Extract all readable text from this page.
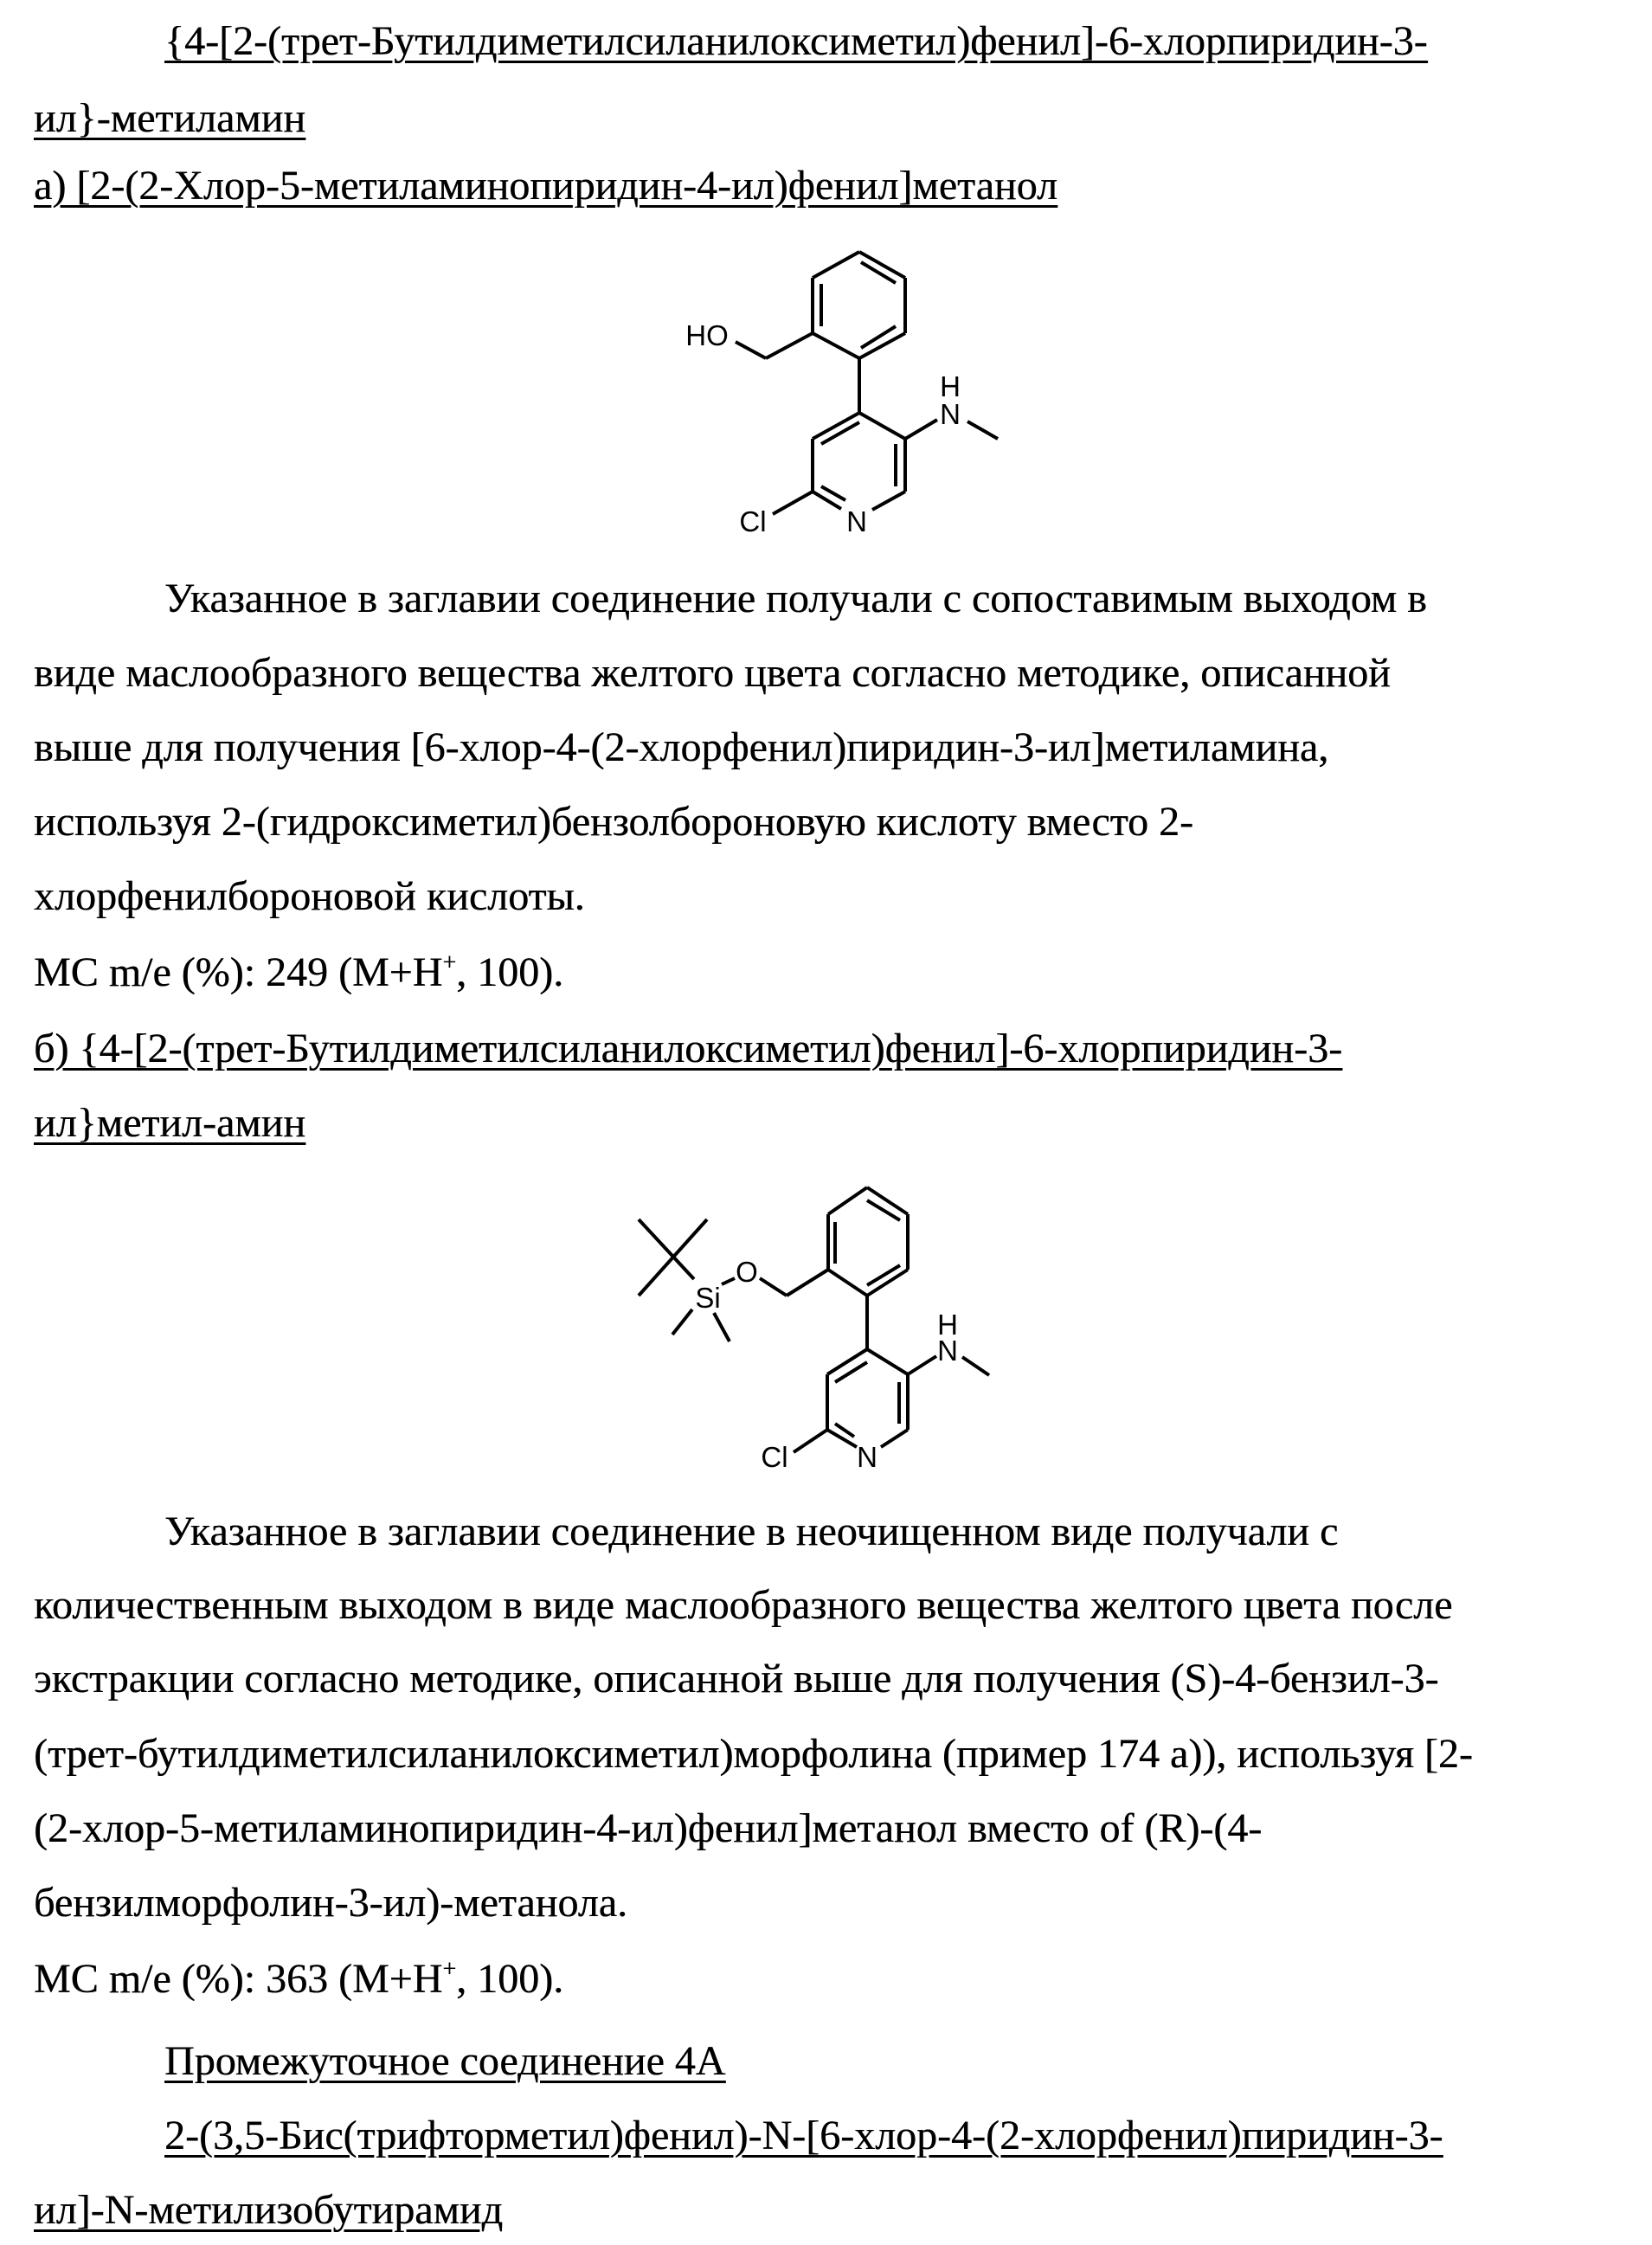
{4-[2-(трет-Бутилдиметилсиланилоксиметил)фенил]-6-хлорпиридин-3-
ил}-метиламин
а) [2-(2-Хлор-5-метиламинопиридин-4-ил)фенил]метанол
HO
H
N
Cl	N
O
Si
H
N
Cl N
Указанное в заглавии соединение получали с сопоставимым выходом в
виде маслообразного вещества желтого цвета согласно методике, описанной
выше для получения [6-хлор-4-(2-хлорфенил)пиридин-3-ил]метиламина,
используя 2-(гидроксиметил)бензолбороновую кислоту вместо 2-
хлорфенилбороновой кислоты.
МС m/e (%): 249 (M+H+, 100).
б) {4-[2-(трет-Бутилдиметилсиланилоксиметил)фенил]-6-хлорпиридин-3-
ил}метил-амин
Указанное в заглавии соединение в неочищенном виде получали с
количественным выходом в виде маслообразного вещества желтого цвета после
экстракции согласно методике, описанной выше для получения (S)-4-бензил-3-
(трет-бутилдиметилсиланилоксиметил)морфолина (пример 174 а)), используя [2-
(2-хлор-5-метиламинопиридин-4-ил)фенил]метанол вместо of (R)-(4-
бензилморфолин-3-ил)-метанола.
МС m/e (%): 363 (M+H+, 100).
Промежуточное соединение 4А
2-(3,5-Бис(трифторметил)фенил)-N-[6-хлор-4-(2-хлорфенил)пиридин-3-
ил]-N-метилизобутирамид
